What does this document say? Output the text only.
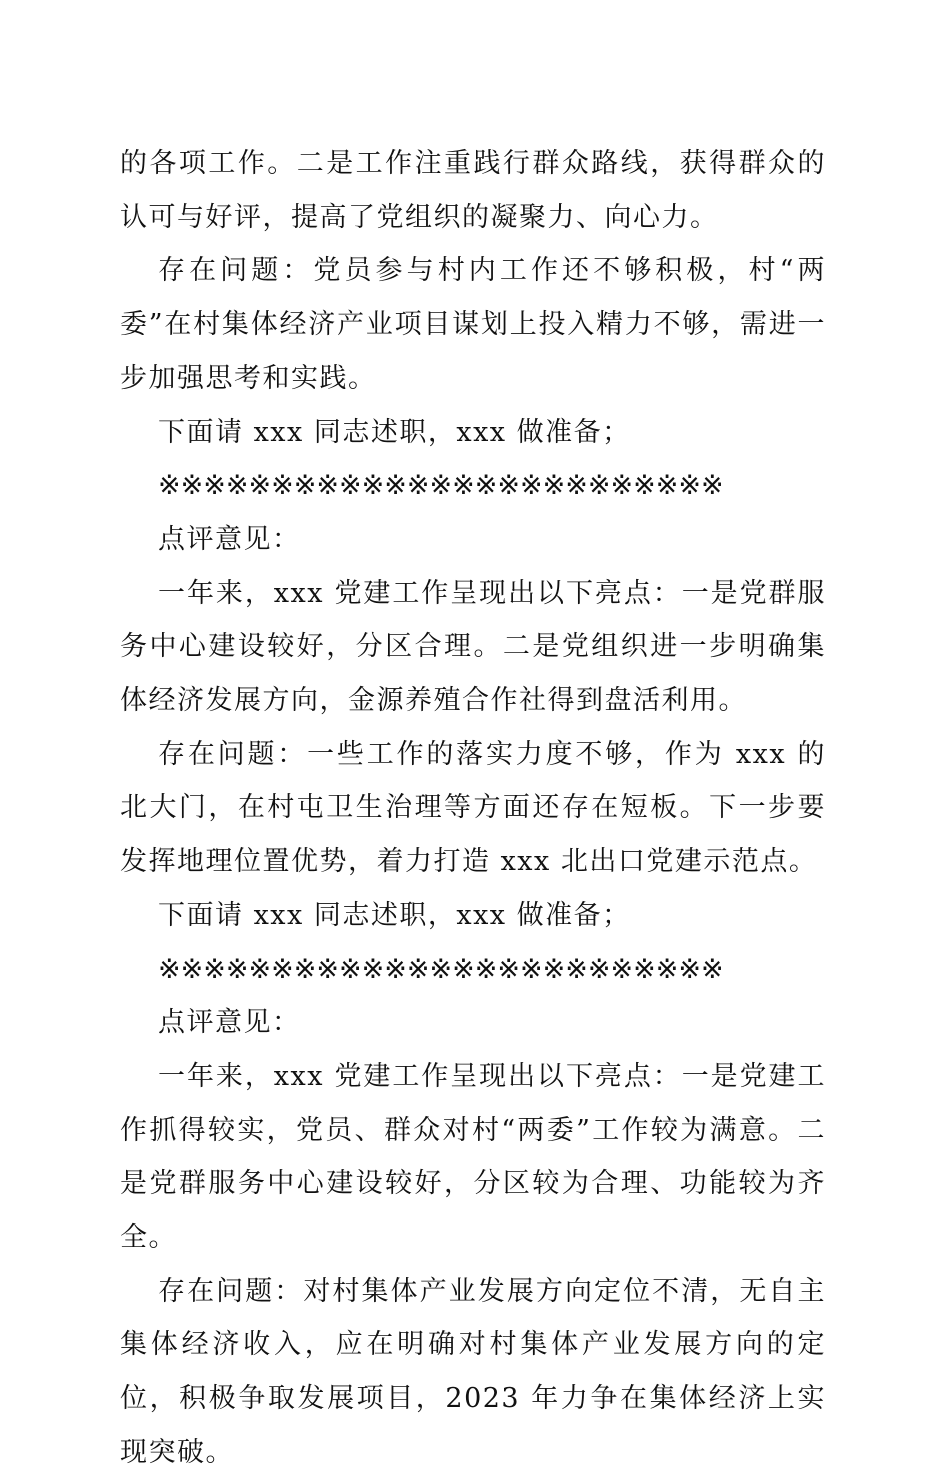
的各项工作。二是工作注重践行群众路线，获得群众的认可与好评，提高了党组织的凝聚力、向心力。

存在问题：党员参与村内工作还不够积极，村“两委”在村集体经济产业项目谋划上投入精力不够，需进一步加强思考和实践。

下面请 xxx 同志述职，xxx 做准备；

※※※※※※※※※※※※※※※※※※※※※※※※※

点评意见：

一年来，xxx 党建工作呈现出以下亮点：一是党群服务中心建设较好，分区合理。二是党组织进一步明确集体经济发展方向，金源养殖合作社得到盘活利用。

存在问题：一些工作的落实力度不够，作为 xxx 的北大门，在村屯卫生治理等方面还存在短板。下一步要发挥地理位置优势，着力打造 xxx 北出口党建示范点。

下面请 xxx 同志述职，xxx 做准备；

※※※※※※※※※※※※※※※※※※※※※※※※※

点评意见：

一年来，xxx 党建工作呈现出以下亮点：一是党建工作抓得较实，党员、群众对村“两委”工作较为满意。二是党群服务中心建设较好，分区较为合理、功能较为齐全。

存在问题：对村集体产业发展方向定位不清，无自主集体经济收入，应在明确对村集体产业发展方向的定位，积极争取发展项目，2023 年力争在集体经济上实现突破。
